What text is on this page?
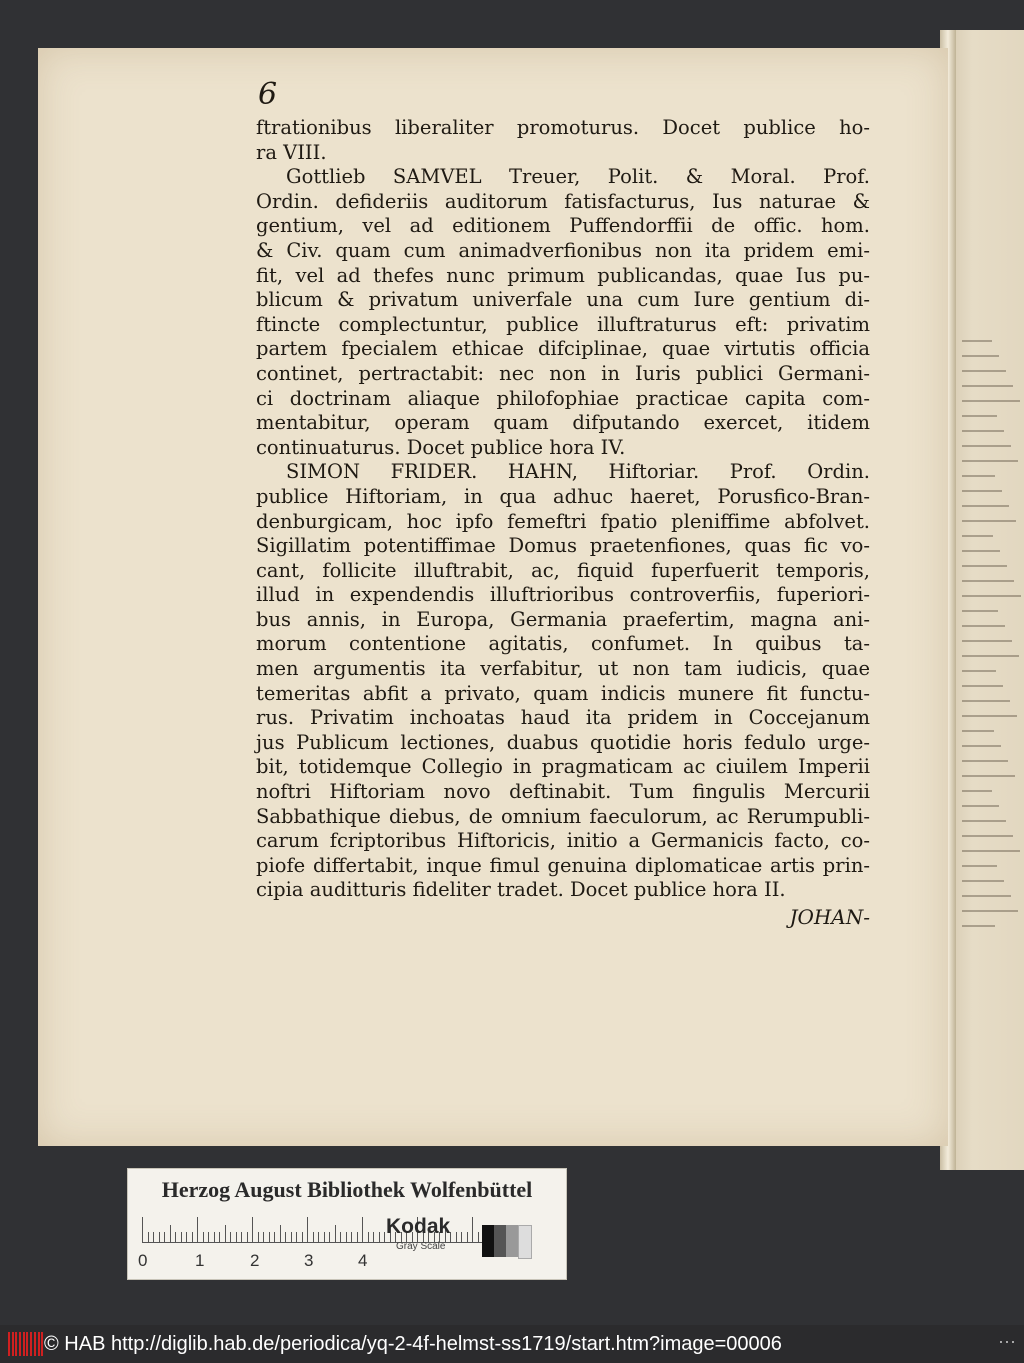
6
ftrationibus liberaliter promoturus. Docet publice ho-
ra VIII.
Gottlieb SAMVEL Treuer, Polit. & Moral. Prof.
Ordin. defideriis auditorum fatisfacturus, Ius naturae &
gentium, vel ad editionem Puffendorffii de offic. hom.
& Civ. quam cum animadverfionibus non ita pridem emi-
fit, vel ad thefes nunc primum publicandas, quae Ius pu-
blicum & privatum univerfale una cum Iure gentium di-
ftincte complectuntur, publice illuftraturus eft: privatim
partem fpecialem ethicae difciplinae, quae virtutis officia
continet, pertractabit: nec non in Iuris publici Germani-
ci doctrinam aliaque philofophiae practicae capita com-
mentabitur, operam quam difputando exercet, itidem
continuaturus. Docet publice hora IV.
SIMON FRIDER. HAHN, Hiftoriar. Prof. Ordin.
publice Hiftoriam, in qua adhuc haeret, Porusfico-Bran-
denburgicam, hoc ipfo femeftri fpatio pleniffime abfolvet.
Sigillatim potentiffimae Domus praetenfiones, quas fic vo-
cant, follicite illuftrabit, ac, fiquid fuperfuerit temporis,
illud in expendendis illuftrioribus controverfiis, fuperiori-
bus annis, in Europa, Germania praefertim, magna ani-
morum contentione agitatis, confumet. In quibus ta-
men argumentis ita verfabitur, ut non tam iudicis, quae
temeritas abfit a privato, quam indicis munere fit functu-
rus. Privatim inchoatas haud ita pridem in Coccejanum
jus Publicum lectiones, duabus quotidie horis fedulo urge-
bit, totidemque Collegio in pragmaticam ac ciuilem Imperii
noftri Hiftoriam novo deftinabit. Tum fingulis Mercurii
Sabbathique diebus, de omnium faeculorum, ac Rerumpubli-
carum fcriptoribus Hiftoricis, initio a Germanicis facto, co-
piofe differtabit, inque fimul genuina diplomaticae artis prin-
cipia auditturis fideliter tradet. Docet publice hora II.
JOHAN-
Herzog August Bibliothek Wolfenbüttel
0	1	2	3	4
Kodak
Gray Scale
© HAB http://diglib.hab.de/periodica/yq-2-4f-helmst-ss1719/start.htm?image=00006	···
